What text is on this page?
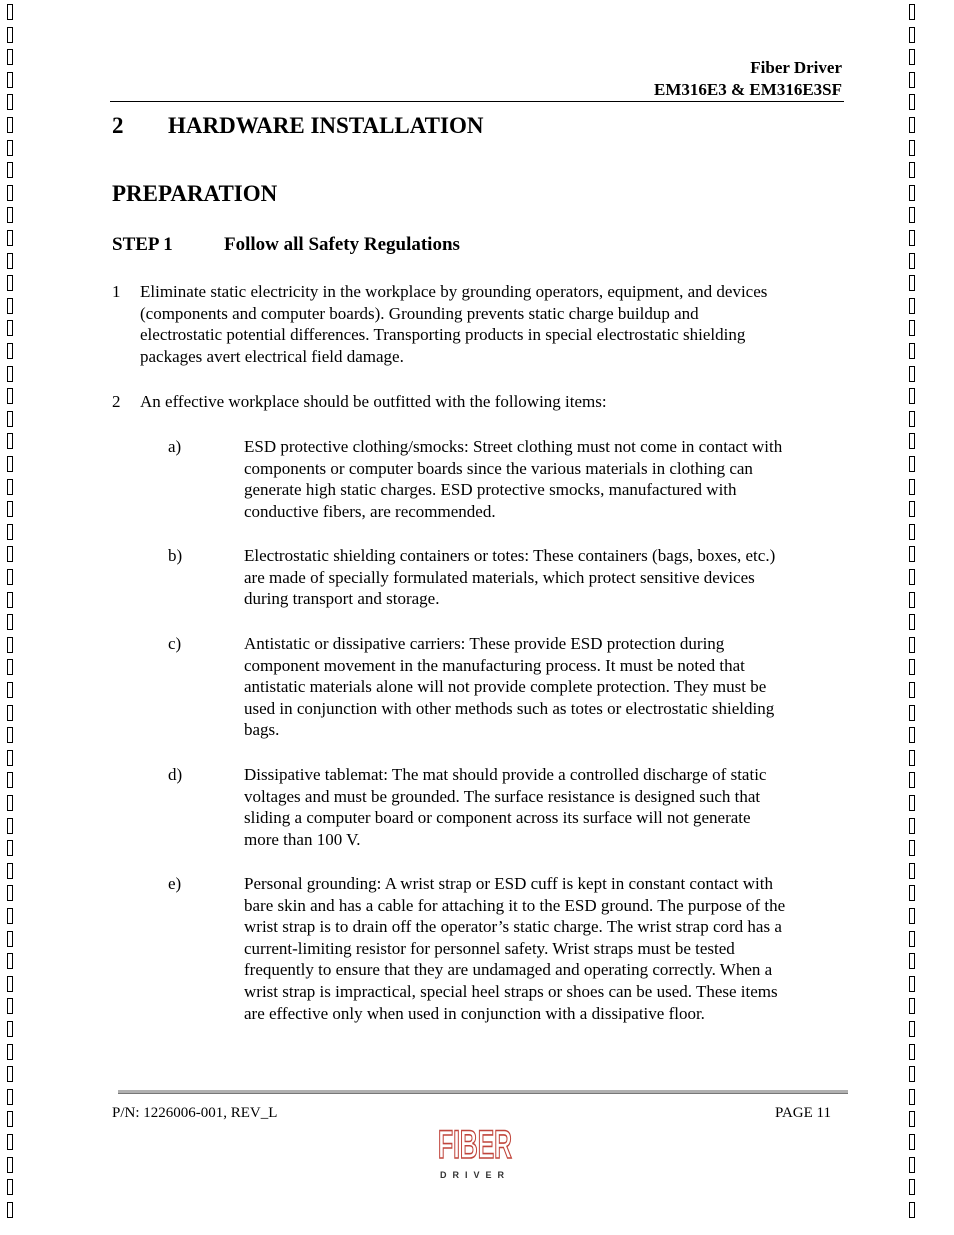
Fiber Driver
EM316E3 & EM316E3SF
2 HARDWARE INSTALLATION
PREPARATION
STEP 1	Follow all Safety Regulations
1 Eliminate static electricity in the workplace by grounding operators, equipment, and devices
(components and computer boards). Grounding prevents static charge buildup and
electrostatic potential differences. Transporting products in special electrostatic shielding
packages avert electrical field damage.
2 An effective workplace should be outfitted with the following items:
a)	ESD protective clothing/smocks: Street clothing must not come in contact with
components or computer boards since the various materials in clothing can
generate high static charges. ESD protective smocks, manufactured with
conductive fibers, are recommended.
b)	Electrostatic shielding containers or totes: These containers (bags, boxes, etc.)
are made of specially formulated materials, which protect sensitive devices
during transport and storage.
c)	Antistatic or dissipative carriers: These provide ESD protection during
component movement in the manufacturing process. It must be noted that
antistatic materials alone will not provide complete protection. They must be
used in conjunction with other methods such as totes or electrostatic shielding
bags.
d)	Dissipative tablemat: The mat should provide a controlled discharge of static
voltages and must be grounded. The surface resistance is designed such that
sliding a computer board or component across its surface will not generate
more than 100 V.
e)	Personal grounding: A wrist strap or ESD cuff is kept in constant contact with
bare skin and has a cable for attaching it to the ESD ground. The purpose of the
wrist strap is to drain off the operator’s static charge. The wrist strap cord has a
current-limiting resistor for personnel safety. Wrist straps must be tested
frequently to ensure that they are undamaged and operating correctly. When a
wrist strap is impractical, special heel straps or shoes can be used. These items
are effective only when used in conjunction with a dissipative floor.
P/N: 1226006-001, REV_L	PAGE 11
FIBER
DRIVER
